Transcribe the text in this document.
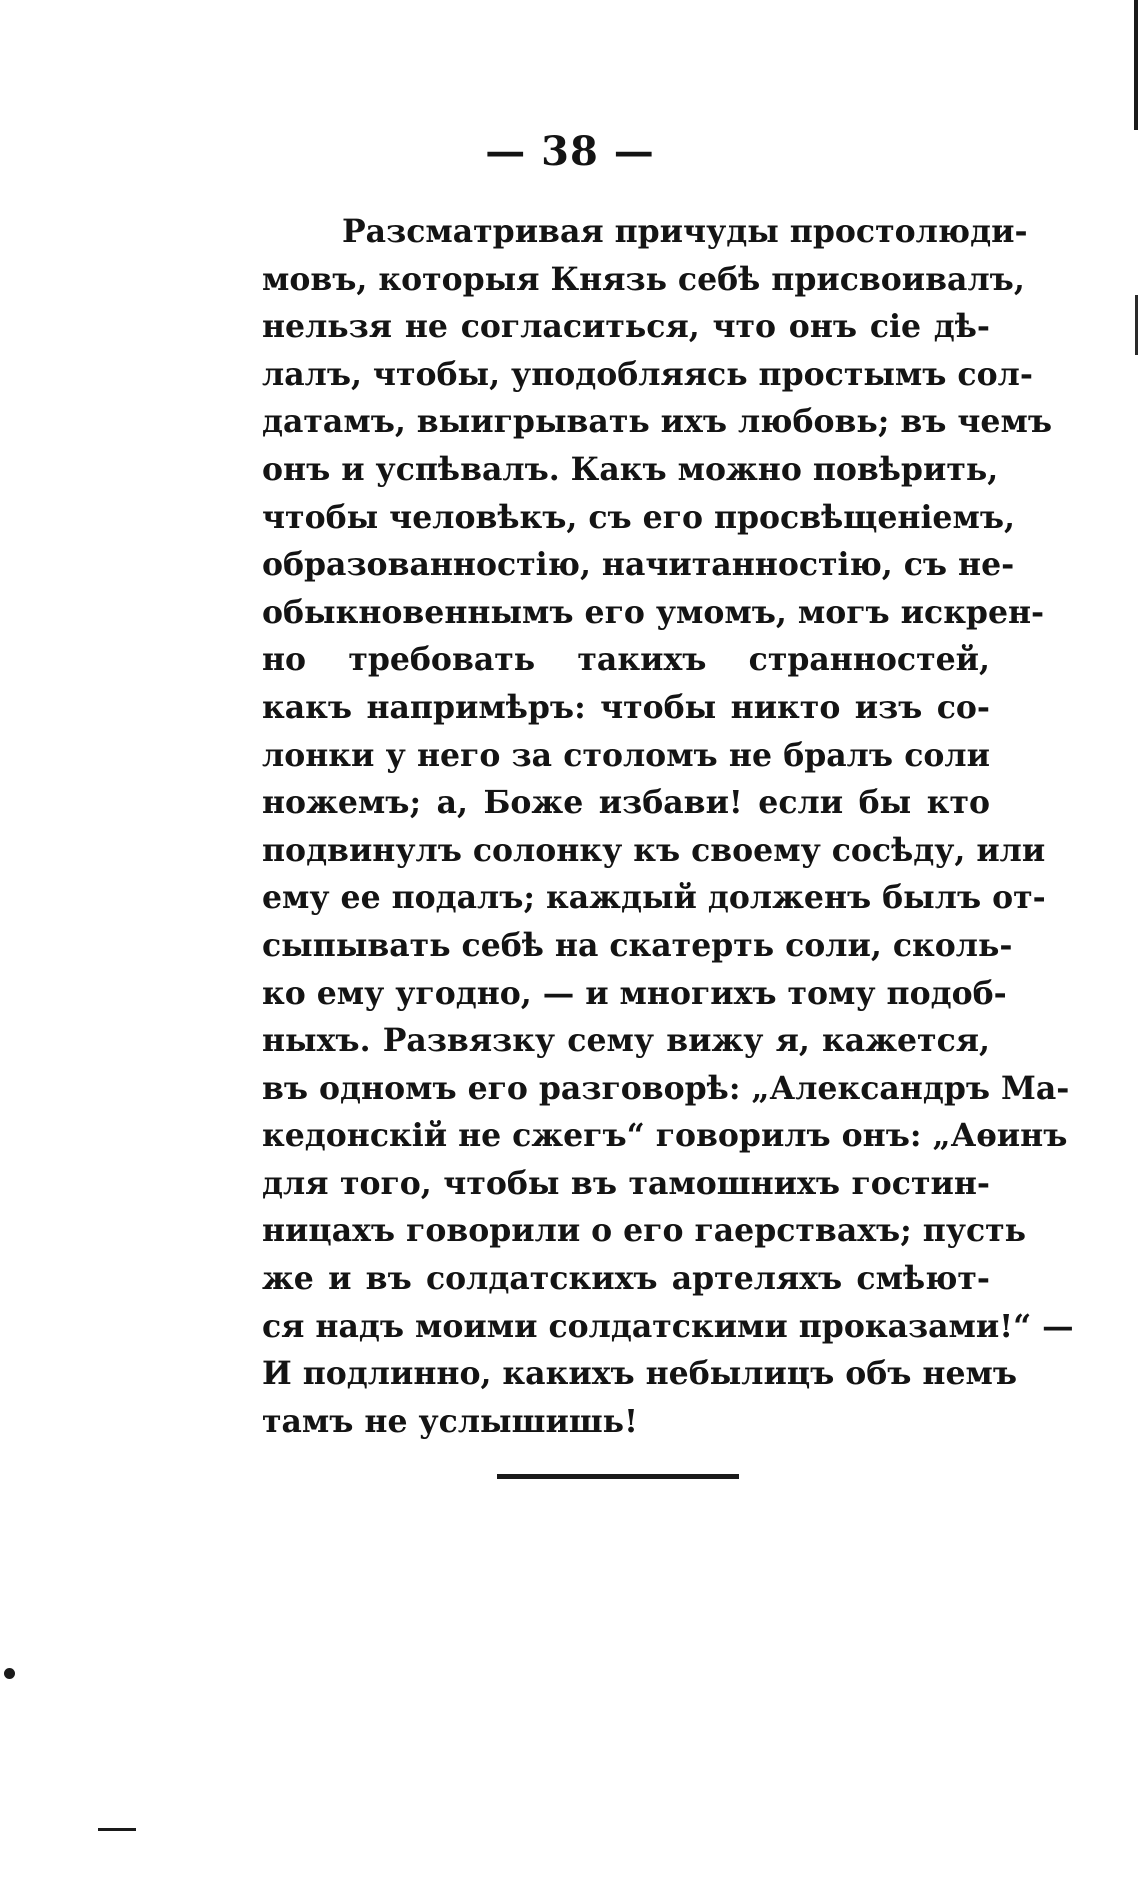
— 38 —
Разсматривая причуды простолюди-
мовъ, которыя Князь себѣ присвоивалъ,
нельзя не согласиться, что онъ сіе дѣ-
лалъ, чтобы, уподобляясь простымъ сол-
датамъ, выигрывать ихъ любовь; въ чемъ
онъ и успѣвалъ. Какъ можно повѣрить,
чтобы человѣкъ, съ его просвѣщеніемъ,
образованностію, начитанностію, съ не-
обыкновеннымъ его умомъ, могъ искрен-
но требовать такихъ странностей,
какъ напримѣръ: чтобы никто изъ со-
лонки у него за столомъ не бралъ соли
ножемъ; а, Боже избави! если бы кто
подвинулъ солонку къ своему сосѣду, или
ему ее подалъ; каждый долженъ былъ от-
сыпывать себѣ на скатерть соли, сколь-
ко ему угодно, — и многихъ тому подоб-
ныхъ. Развязку сему вижу я, кажется,
въ одномъ его разговорѣ: „Александръ Ма-
кедонскій не сжегъ“ говорилъ онъ: „Аѳинъ
для того, чтобы въ тамошнихъ гостин-
ницахъ говорили о его гаерствахъ; пусть
же и въ солдатскихъ артеляхъ смѣют-
ся надъ моими солдатскими проказами!“ —
И подлинно, какихъ небылицъ объ немъ
тамъ не услышишь!
